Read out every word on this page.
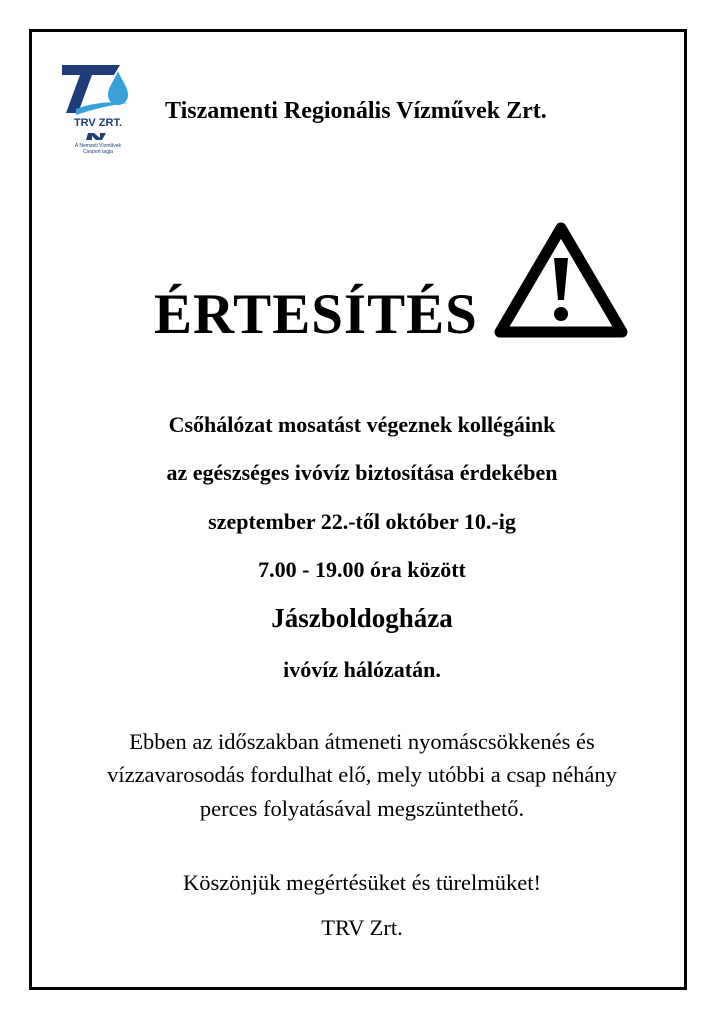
TRV ZRT.
A Nemzeti Vízművek
Csoport tagja
Tiszamenti Regionális Vízművek Zrt.
ÉRTESÍTÉS
Csőhálózat mosatást végeznek kollégáink
az egészséges ivóvíz biztosítása érdekében
szeptember 22.-től október 10.-ig
7.00 - 19.00 óra között
Jászboldogháza
ivóvíz hálózatán.
Ebben az időszakban átmeneti nyomáscsökkenés és
vízzavarosodás fordulhat elő, mely utóbbi a csap néhány
perces folyatásával megszüntethető.
Köszönjük megértésüket és türelmüket!
TRV Zrt.
